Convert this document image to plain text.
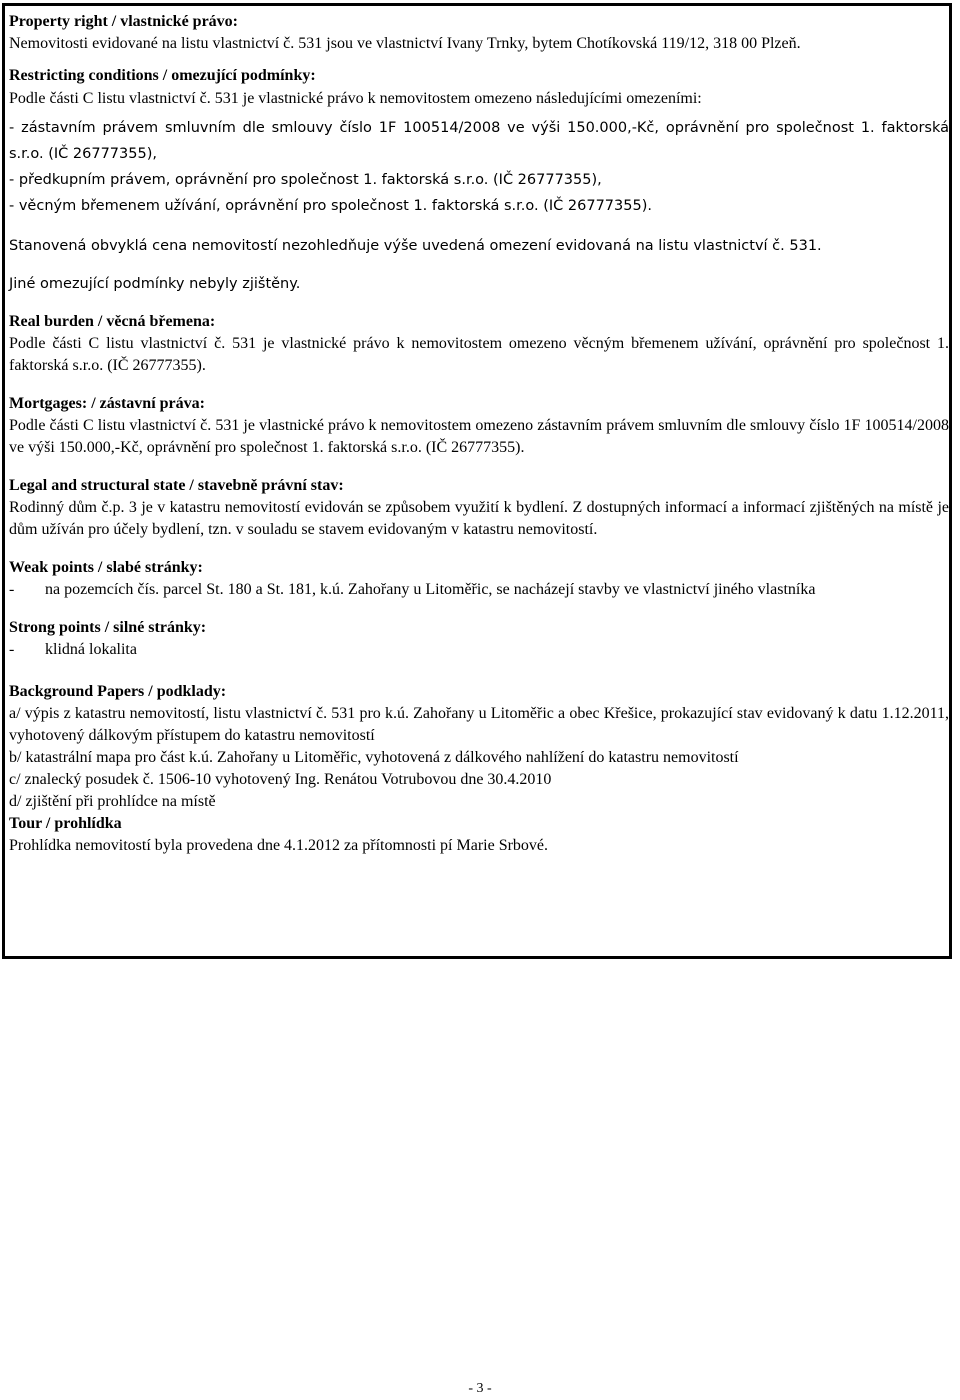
Property right / vlastnické právo:

Nemovitosti evidované na listu vlastnictví č. 531 jsou ve vlastnictví Ivany Trnky, bytem Chotíkovská 119/12, 318 00 Plzeň.

Restricting conditions / omezující podmínky:

Podle části C listu vlastnictví č. 531 je vlastnické právo k nemovitostem omezeno následujícími omezeními:

- zástavním právem smluvním dle smlouvy číslo 1F 100514/2008 ve výši 150.000,-Kč, oprávnění pro společnost 1. faktorská s.r.o. (IČ 26777355),

- předkupním právem, oprávnění pro společnost 1. faktorská s.r.o. (IČ 26777355),

- věcným břemenem užívání, oprávnění pro společnost 1. faktorská s.r.o. (IČ 26777355).

Stanovená obvyklá cena nemovitostí nezohledňuje výše uvedená omezení evidovaná na listu vlastnictví č. 531.

Jiné omezující podmínky nebyly zjištěny.

Real burden / věcná břemena:

Podle části C listu vlastnictví č. 531 je vlastnické právo k nemovitostem omezeno věcným břemenem užívání, oprávnění pro společnost 1. faktorská s.r.o. (IČ 26777355).

Mortgages: / zástavní práva:

Podle části C listu vlastnictví č. 531 je vlastnické právo k nemovitostem omezeno zástavním právem smluvním dle smlouvy číslo 1F 100514/2008 ve výši 150.000,-Kč, oprávnění pro společnost 1. faktorská s.r.o. (IČ 26777355).

Legal and structural state / stavebně právní stav:

Rodinný dům č.p. 3 je v katastru nemovitostí evidován se způsobem využití k bydlení. Z dostupných informací a informací zjištěných na místě je dům užíván pro účely bydlení, tzn. v souladu se stavem evidovaným v katastru nemovitostí.

Weak points / slabé stránky:
-	na pozemcích čís. parcel St. 180 a St. 181, k.ú. Zahořany u Litoměřic, se nacházejí stavby ve vlastnictví jiného vlastníka
Strong points / silné stránky:
-	klidná lokalita
Background Papers / podklady:

a/ výpis z katastru nemovitostí, listu vlastnictví č. 531 pro k.ú. Zahořany u Litoměřic a obec Křešice, prokazující stav evidovaný k datu 1.12.2011, vyhotovený dálkovým přístupem do katastru nemovitostí

b/ katastrální mapa pro část k.ú. Zahořany u Litoměřic, vyhotovená z dálkového nahlížení do katastru nemovitostí

c/ znalecký posudek č. 1506-10 vyhotovený Ing. Renátou Votrubovou dne 30.4.2010

d/ zjištění při prohlídce na místě

Tour / prohlídka

Prohlídka nemovitostí byla provedena dne 4.1.2012 za přítomnosti pí Marie Srbové.

- 3 -
